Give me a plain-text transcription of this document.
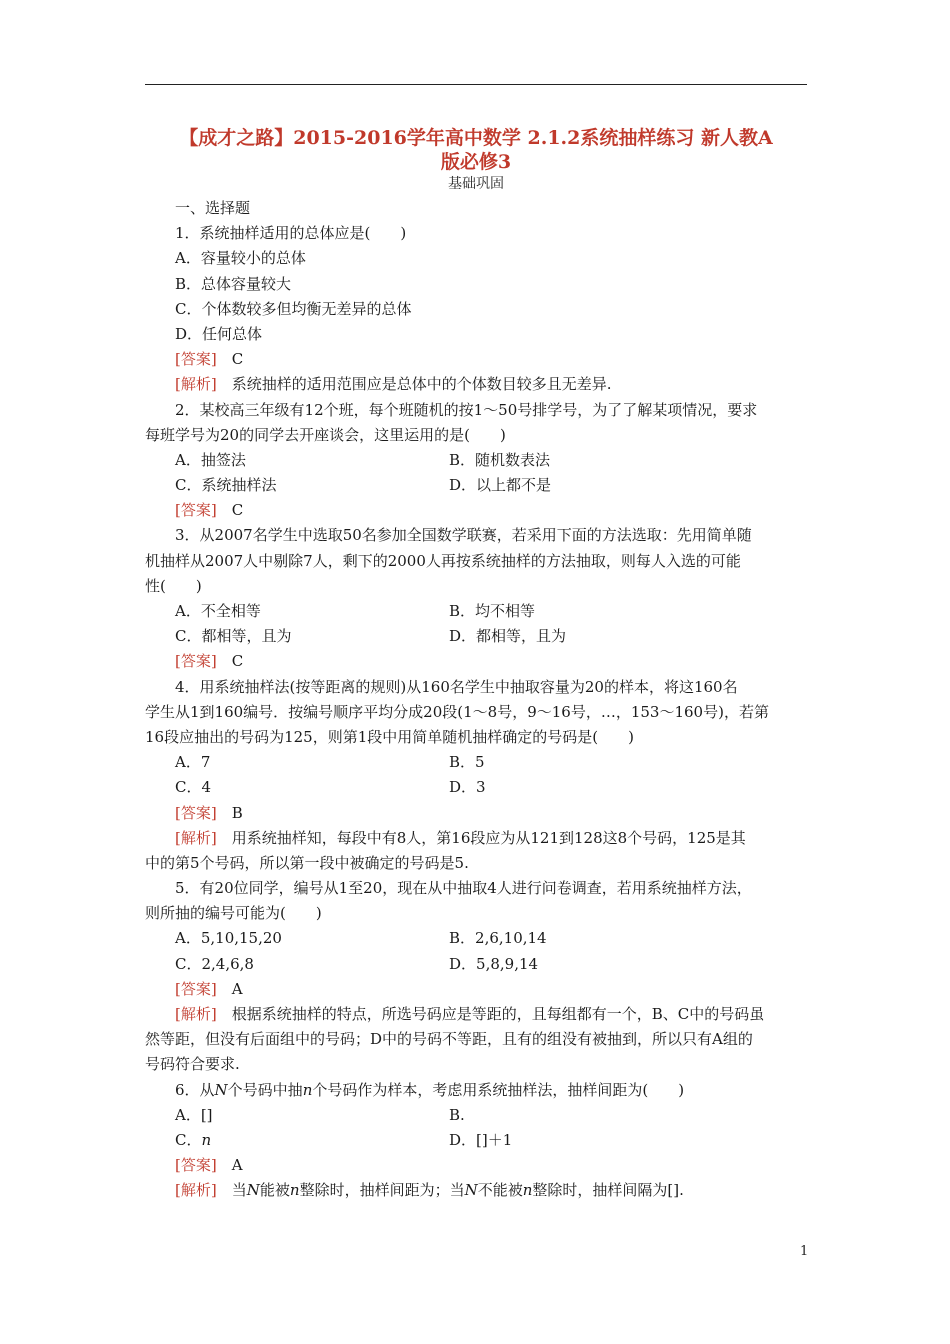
【成才之路】2015-2016学年高中数学 2.1.2系统抽样练习 新人教A
版必修3
基础巩固
一、选择题
1．系统抽样适用的总体应是(　　)
A．容量较小的总体
B．总体容量较大
C．个体数较多但均衡无差异的总体
D．任何总体
[答案]　 C
[解析]　 系统抽样的适用范围应是总体中的个体数目较多且无差异.
2．某校高三年级有12个班，每个班随机的按1～50号排学号，为了了解某项情况，要求
每班学号为20的同学去开座谈会，这里运用的是(　　)
A．抽签法	B．随机数表法
C．系统抽样法	D．以上都不是
[答案]　 C
3．从2007名学生中选取50名参加全国数学联赛，若采用下面的方法选取：先用简单随
机抽样从2007人中剔除7人，剩下的2000人再按系统抽样的方法抽取，则每人入选的可能
性(　　)
A．不全相等	B．均不相等
C．都相等，且为	D．都相等，且为
[答案]　 C
4．用系统抽样法(按等距离的规则)从160名学生中抽取容量为20的样本，将这160名
学生从1到160编号．按编号顺序平均分成20段(1～8号，9～16号，…，153～160号)，若第
16段应抽出的号码为125，则第1段中用简单随机抽样确定的号码是(　　)
A．7	B．5
C．4	D．3
[答案]　 B
[解析]　 用系统抽样知，每段中有8人，第16段应为从121到128这8个号码，125是其
中的第5个号码，所以第一段中被确定的号码是5.
5．有20位同学，编号从1至20，现在从中抽取4人进行问卷调查，若用系统抽样方法，
则所抽的编号可能为(　　)
A．5,10,15,20	B．2,6,10,14
C．2,4,6,8	D．5,8,9,14
[答案]　 A
[解析]　 根据系统抽样的特点，所选号码应是等距的，且每组都有一个，B、C中的号码虽
然等距，但没有后面组中的号码；D中的号码不等距，且有的组没有被抽到，所以只有A组的
号码符合要求.
6．从N个号码中抽n个号码作为样本，考虑用系统抽样法，抽样间距为(　　)
A．[]	B.
C．n	D．[]＋1
[答案]　 A
[解析]　 当N能被n整除时，抽样间距为；当N不能被n整除时，抽样间隔为[].
1
